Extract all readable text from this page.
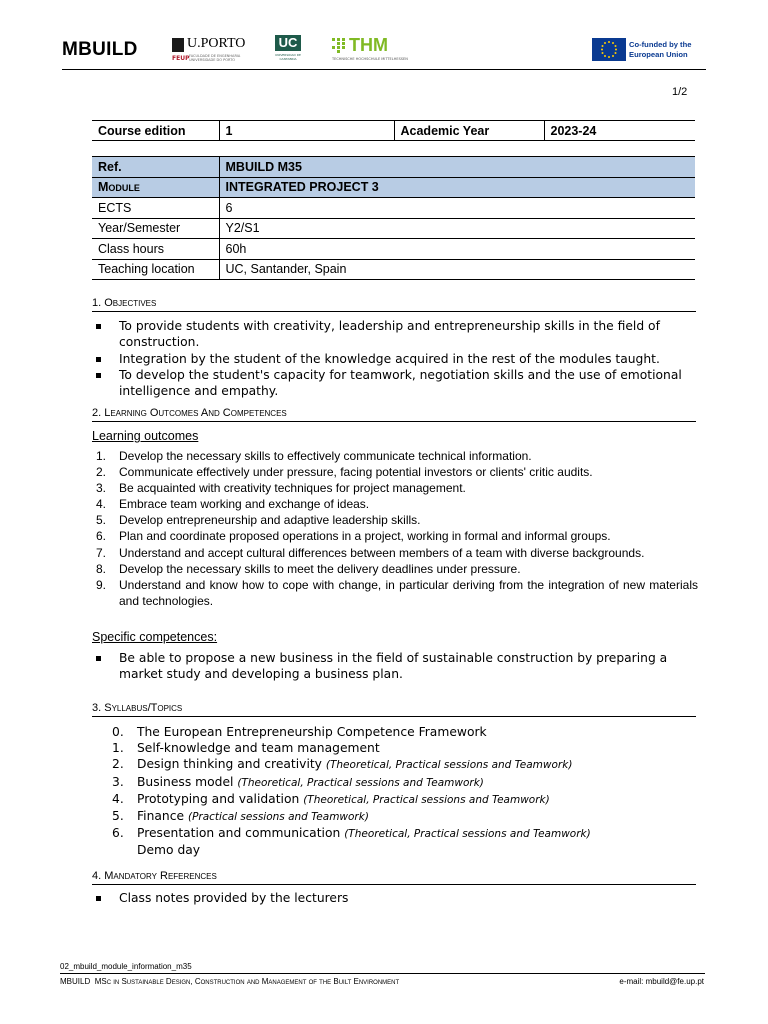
MBUILD	U.PORTO
FEUP FACULDADE DE ENGENHARIA UNIVERSIDADE DO PORTO
UC
UNIVERSIDAD DE CANTABRIA
THM
TECHNISCHE HOCHSCHULE MITTELHESSEN
Co-funded by the
European Union
1/2
Course edition	1	Academic Year	2023-24
Ref.	MBUILD M35
Module	INTEGRATED PROJECT 3
ECTS	6
Year/Semester	Y2/S1
Class hours	60h
Teaching location	UC, Santander, Spain
1. Objectives
To provide students with creativity, leadership and entrepreneurship skills in the field of construction.
Integration by the student of the knowledge acquired in the rest of the modules taught.
To develop the student's capacity for teamwork, negotiation skills and the use of emotional intelligence and empathy.
2. Learning Outcomes And Competences
Learning outcomes
1. Develop the necessary skills to effectively communicate technical information.
2. Communicate effectively under pressure, facing potential investors or clients' critic audits.
3. Be acquainted with creativity techniques for project management.
4. Embrace team working and exchange of ideas.
5. Develop entrepreneurship and adaptive leadership skills.
6. Plan and coordinate proposed operations in a project, working in formal and informal groups.
7. Understand and accept cultural differences between members of a team with diverse backgrounds.
8. Develop the necessary skills to meet the delivery deadlines under pressure.
9. Understand and know how to cope with change, in particular deriving from the integration of new materials and technologies.
Specific competences:
Be able to propose a new business in the field of sustainable construction by preparing a market study and developing a business plan.
3. Syllabus/Topics
0. The European Entrepreneurship Competence Framework
1. Self-knowledge and team management
2. Design thinking and creativity (Theoretical, Practical sessions and Teamwork)
3. Business model (Theoretical, Practical sessions and Teamwork)
4. Prototyping and validation (Theoretical, Practical sessions and Teamwork)
5. Finance (Practical sessions and Teamwork)
6. Presentation and communication (Theoretical, Practical sessions and Teamwork)
Demo day
4. Mandatory References
Class notes provided by the lecturers
02_mbuild_module_information_m35
MBUILD MSc in Sustainable Design, Construction and Management of the Built Environment	e-mail: mbuild@fe.up.pt
